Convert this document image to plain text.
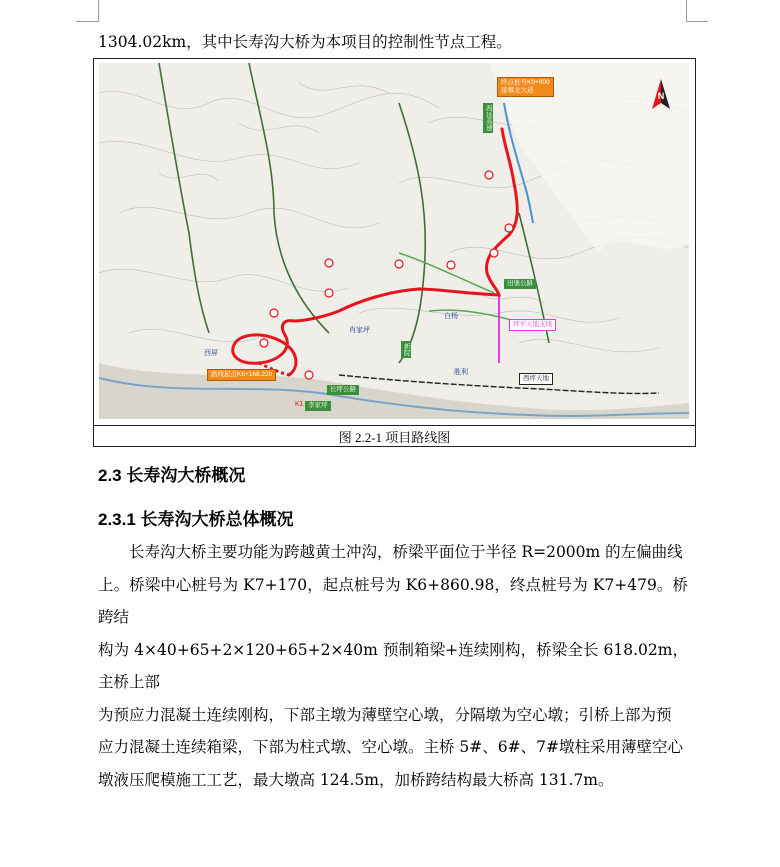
1304.02km，其中长寿沟大桥为本项目的控制性节点工程。
N
终点桩号K0+000
接哪龙大道
西延高速
路线起点K6+168.220
田堡公路
坪羊天地支线
长坪公路
李家坪
西坪天地
新院
肖家坪
西屏
白杨
胜利
K1
图 2.2-1 项目路线图
2.3 长寿沟大桥概况
2.3.1 长寿沟大桥总体概况

长寿沟大桥主要功能为跨越黄土冲沟，桥梁平面位于半径 R=2000m 的左偏曲线

上。桥梁中心桩号为 K7+170，起点桩号为 K6+860.98，终点桩号为 K7+479。桥跨结

构为 4×40+65+2×120+65+2×40m 预制箱梁+连续刚构，桥梁全长 618.02m，主桥上部

为预应力混凝土连续刚构，下部主墩为薄壁空心墩，分隔墩为空心墩；引桥上部为预

应力混凝土连续箱梁，下部为柱式墩、空心墩。主桥 5#、6#、7#墩柱采用薄壁空心

墩液压爬模施工工艺，最大墩高 124.5m，加桥跨结构最大桥高 131.7m。
